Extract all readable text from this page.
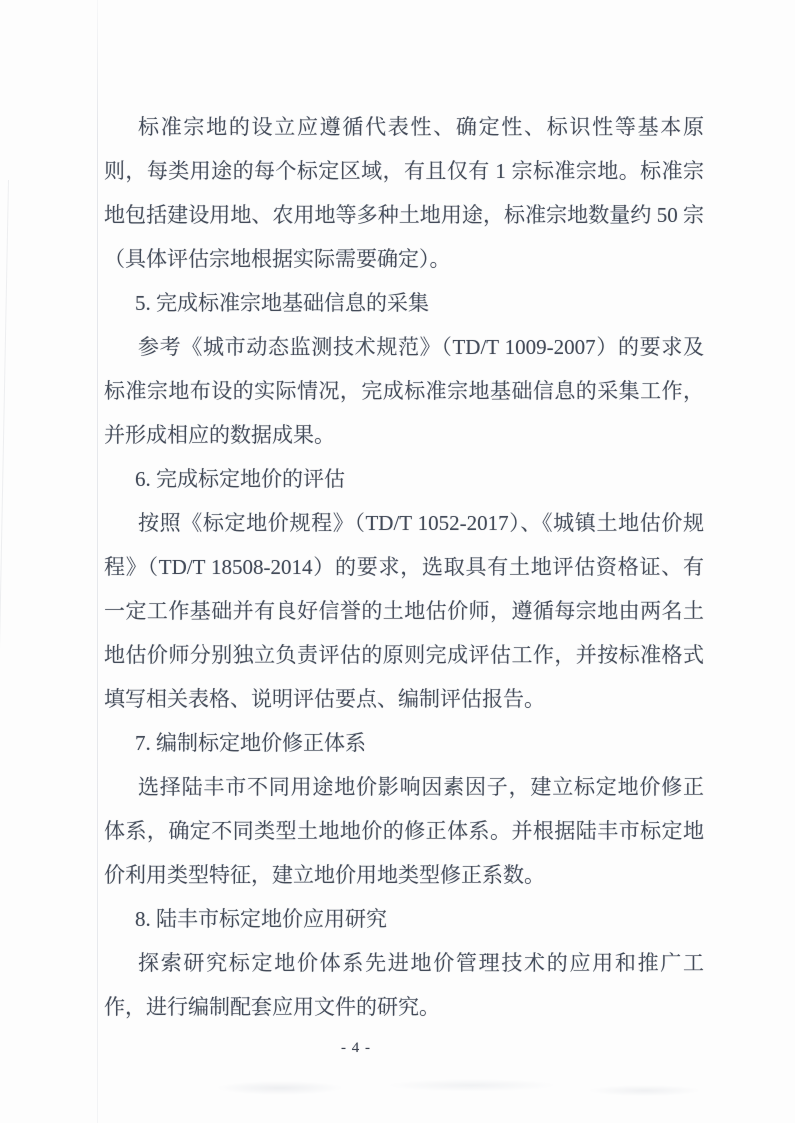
标准宗地的设立应遵循代表性、确定性、标识性等基本原则，每类用途的每个标定区域，有且仅有 1 宗标准宗地。标准宗地包括建设用地、农用地等多种土地用途，标准宗地数量约 50 宗（具体评估宗地根据实际需要确定）。

5. 完成标准宗地基础信息的采集

参考《城市动态监测技术规范》（TD/T 1009-2007）的要求及标准宗地布设的实际情况，完成标准宗地基础信息的采集工作，并形成相应的数据成果。

6. 完成标定地价的评估

按照《标定地价规程》（TD/T 1052-2017）、《城镇土地估价规程》（TD/T 18508-2014）的要求，选取具有土地评估资格证、有一定工作基础并有良好信誉的土地估价师，遵循每宗地由两名土地估价师分别独立负责评估的原则完成评估工作，并按标准格式填写相关表格、说明评估要点、编制评估报告。

7. 编制标定地价修正体系

选择陆丰市不同用途地价影响因素因子，建立标定地价修正体系，确定不同类型土地地价的修正体系。并根据陆丰市标定地价利用类型特征，建立地价用地类型修正系数。

8. 陆丰市标定地价应用研究

探索研究标定地价体系先进地价管理技术的应用和推广工作，进行编制配套应用文件的研究。

- 4 -
